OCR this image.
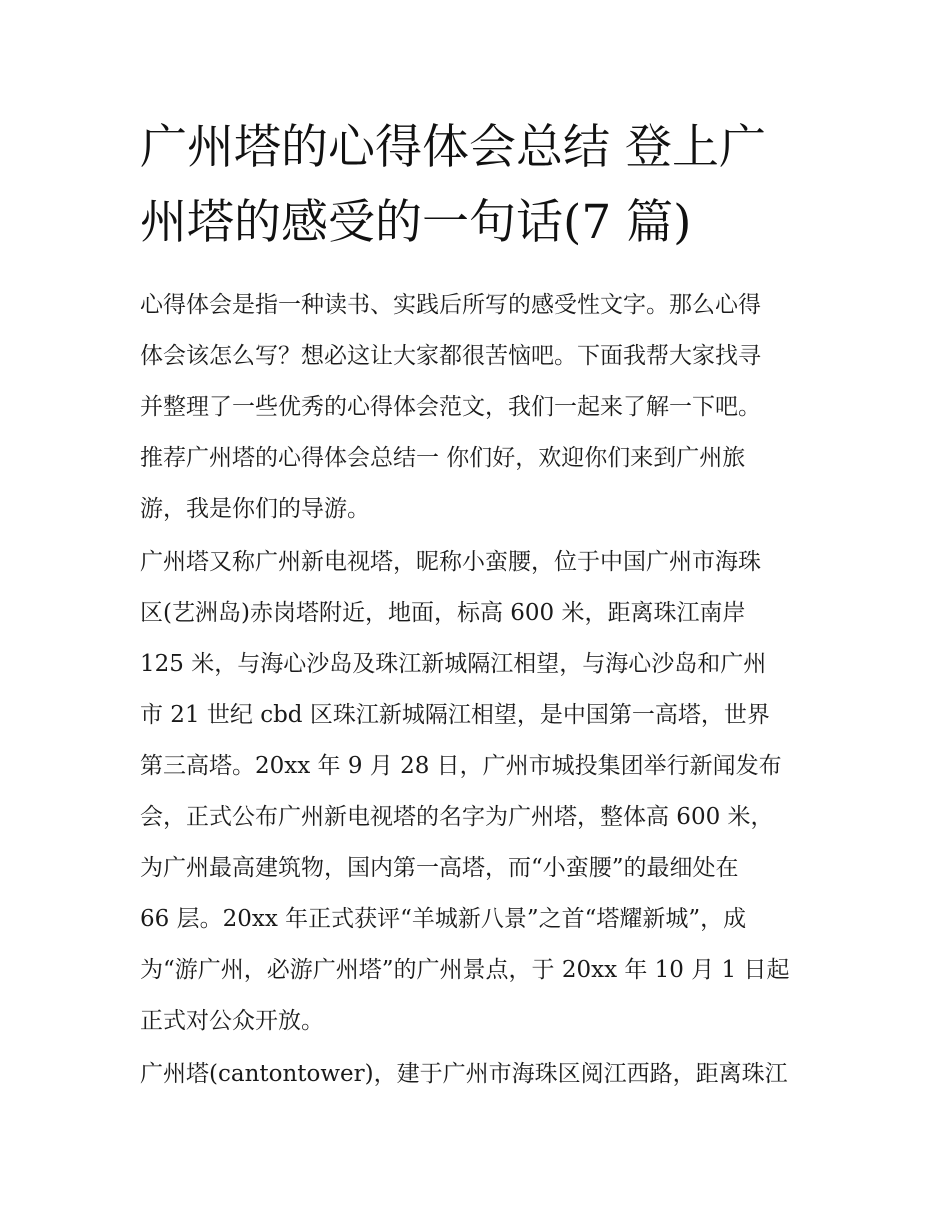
广州塔的心得体会总结 登上广
州塔的感受的一句话(7 篇)

心得体会是指一种读书、实践后所写的感受性文字。那么心得
体会该怎么写？想必这让大家都很苦恼吧。下面我帮大家找寻
并整理了一些优秀的心得体会范文，我们一起来了解一下吧。
推荐广州塔的心得体会总结一 你们好，欢迎你们来到广州旅
游，我是你们的导游。

广州塔又称广州新电视塔，昵称小蛮腰，位于中国广州市海珠
区(艺洲岛)赤岗塔附近，地面，标高 600 米，距离珠江南岸
125 米，与海心沙岛及珠江新城隔江相望，与海心沙岛和广州
市 21 世纪 cbd 区珠江新城隔江相望，是中国第一高塔，世界
第三高塔。20xx 年 9 月 28 日，广州市城投集团举行新闻发布
会，正式公布广州新电视塔的名字为广州塔，整体高 600 米，
为广州最高建筑物，国内第一高塔，而“小蛮腰”的最细处在
66 层。20xx 年正式获评“羊城新八景”之首“塔耀新城”，成
为“游广州，必游广州塔”的广州景点，于 20xx 年 10 月 1 日起
正式对公众开放。

广州塔(cantontower)，建于广州市海珠区阅江西路，距离珠江
